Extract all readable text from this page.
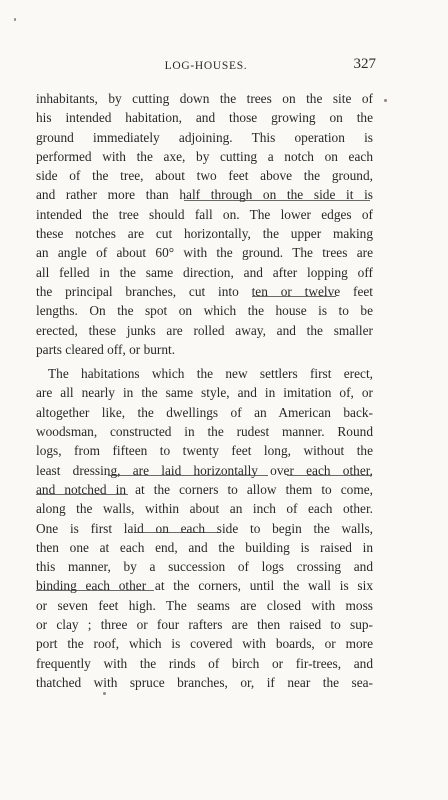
LOG-HOUSES.	327
inhabitants, by cutting down the trees on the site of
his intended habitation, and those growing on the
ground immediately adjoining. This operation is
performed with the axe, by cutting a notch on each
side of the tree, about two feet above the ground,
and rather more than half through on the side it is
intended the tree should fall on. The lower edges of
these notches are cut horizontally, the upper making
an angle of about 60° with the ground. The trees are
all felled in the same direction, and after lopping off
the principal branches, cut into ten or twelve feet
lengths. On the spot on which the house is to be
erected, these junks are rolled away, and the smaller
parts cleared off, or burnt.
The habitations which the new settlers first erect,
are all nearly in the same style, and in imitation of, or
altogether like, the dwellings of an American back-
woodsman, constructed in the rudest manner. Round
logs, from fifteen to twenty feet long, without the
least dressing, are laid horizontally over each other,
and notched in at the corners to allow them to come,
along the walls, within about an inch of each other.
One is first laid on each side to begin the walls,
then one at each end, and the building is raised in
this manner, by a succession of logs crossing and
binding each other at the corners, until the wall is six
or seven feet high. The seams are closed with moss
or clay ; three or four rafters are then raised to sup-
port the roof, which is covered with boards, or more
frequently with the rinds of birch or fir-trees, and
thatched with spruce branches, or, if near the sea-
